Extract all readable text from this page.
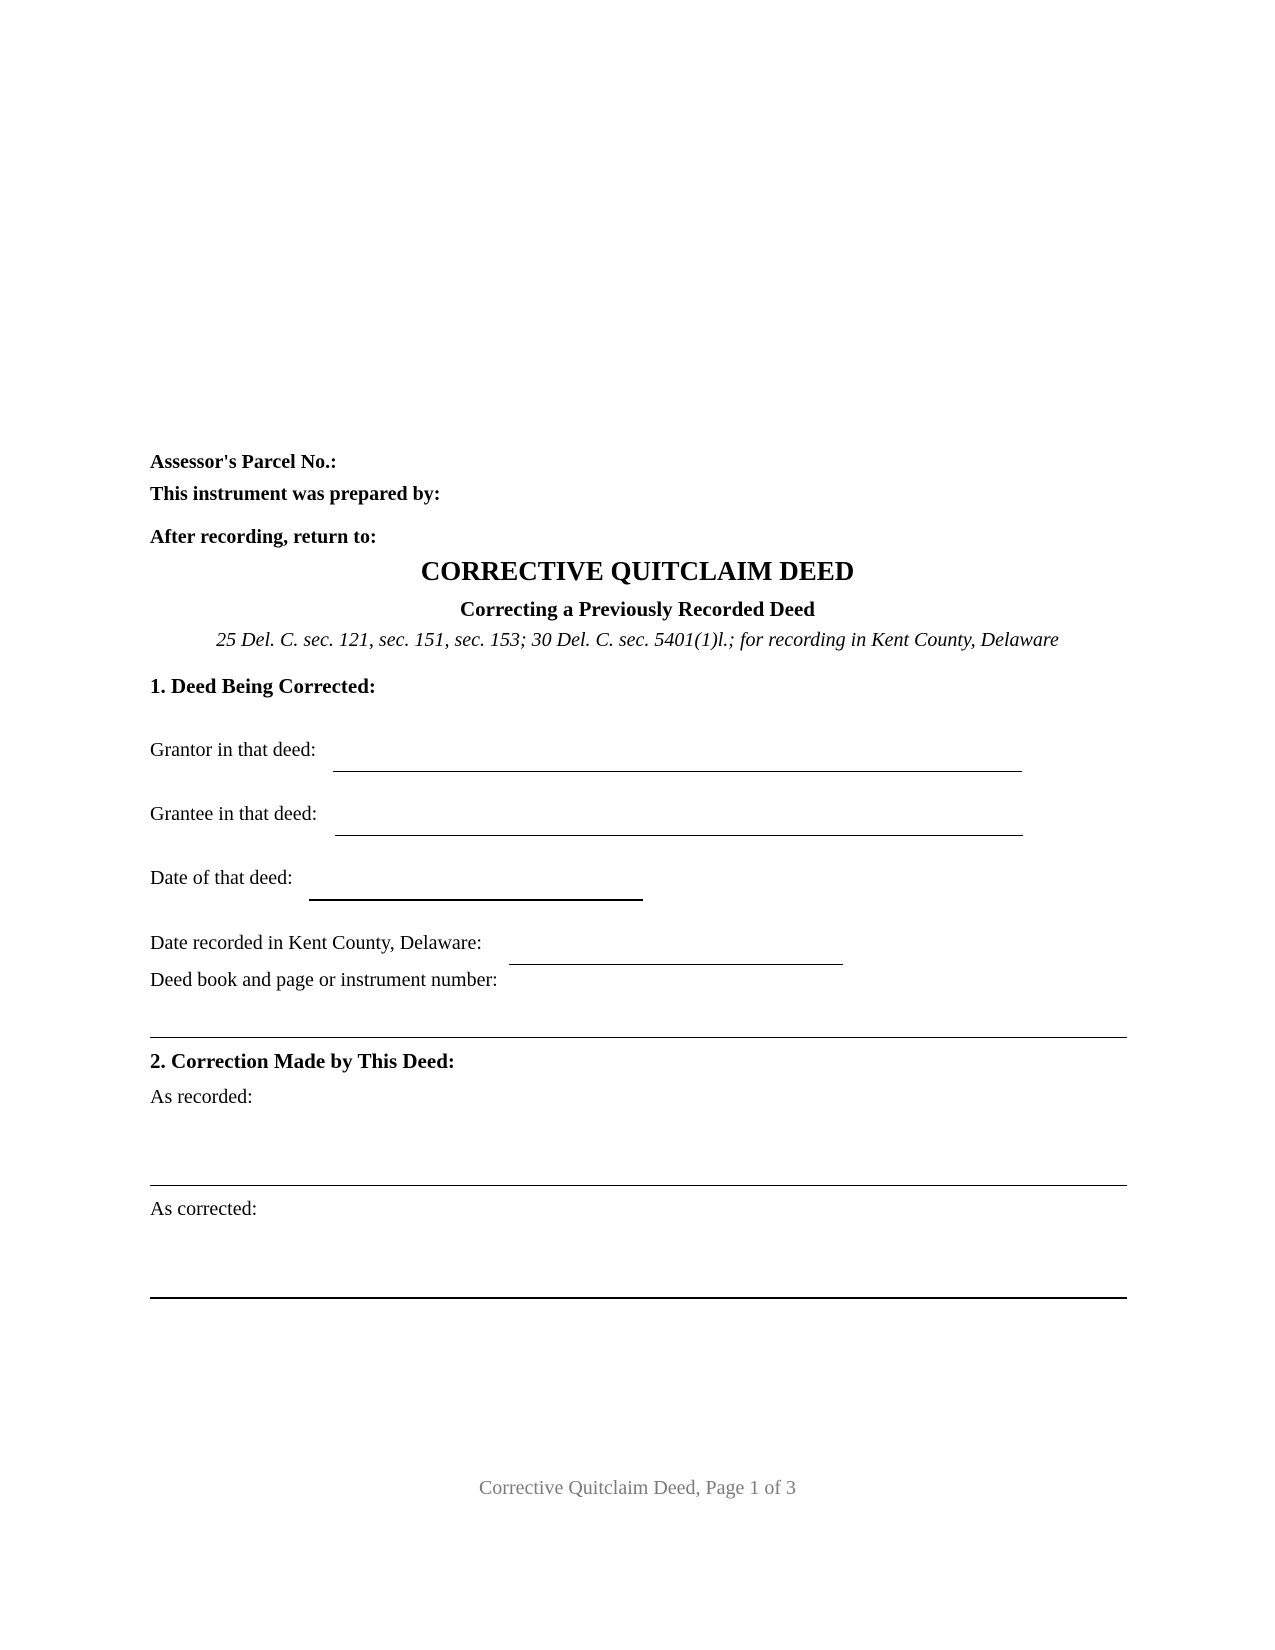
Assessor's Parcel No.:
This instrument was prepared by:
After recording, return to:
CORRECTIVE QUITCLAIM DEED
Correcting a Previously Recorded Deed
25 Del. C. sec. 121, sec. 151, sec. 153; 30 Del. C. sec. 5401(1)l.; for recording in Kent County, Delaware
1. Deed Being Corrected:
Grantor in that deed:
Grantee in that deed:
Date of that deed:
Date recorded in Kent County, Delaware:
Deed book and page or instrument number:
2. Correction Made by This Deed:
As recorded:
As corrected:
Corrective Quitclaim Deed, Page 1 of 3
